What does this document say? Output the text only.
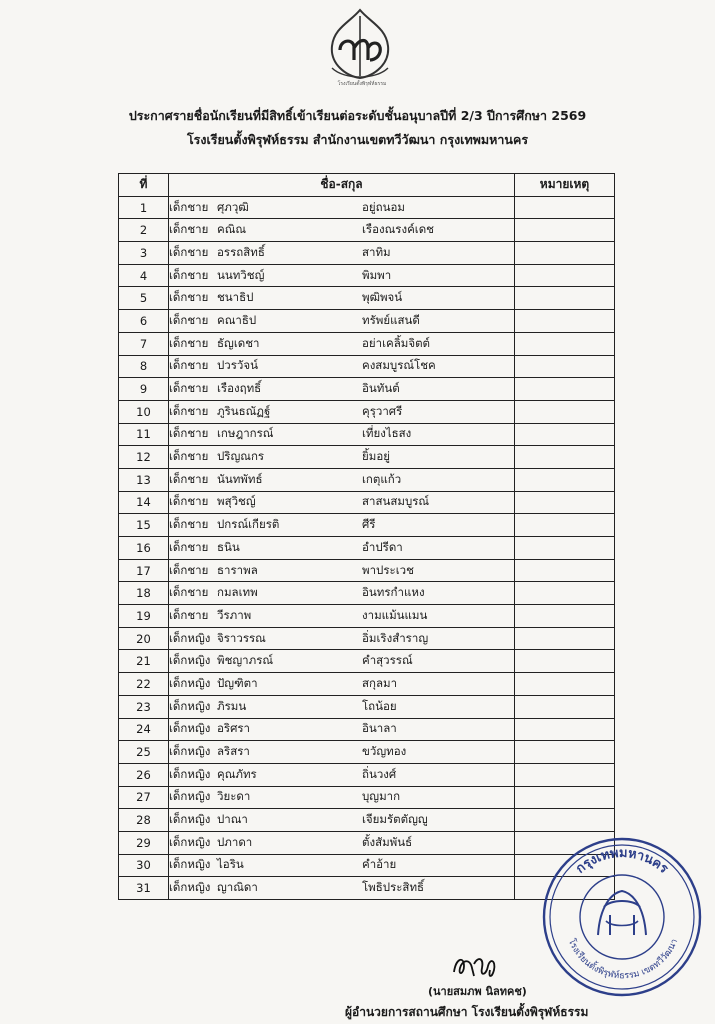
โรงเรียนตั้งพิรุฬห์ธรรม
ประกาศรายชื่อนักเรียนที่มีสิทธิ์เข้าเรียนต่อระดับชั้นอนุบาลปีที่ 2/3 ปีการศึกษา 2569
โรงเรียนตั้งพิรุฬห์ธรรม สำนักงานเขตทวีวัฒนา กรุงเทพมหานคร
ที่	ชื่อ-สกุล	หมายเหตุ
1	เด็กชาย ศุภวุฒิ อยู่ถนอม	
2	เด็กชาย คณิณ เรืองณรงค์เดช	
3	เด็กชาย อรรถสิทธิ์ สาทิม	
4	เด็กชาย นนทวิชญ์ พิมพา	
5	เด็กชาย ชนาธิป พุฒิพจน์	
6	เด็กชาย คณาธิป ทรัพย์แสนดี	
7	เด็กชาย ธัญเดชา อย่าเคลิ้มจิตต์	
8	เด็กชาย ปวรวัจน์ คงสมบูรณ์โชค	
9	เด็กชาย เรืองฤทธิ์ อินทันต์	
10	เด็กชาย ภูรินธณัฏฐ์ คุรุวาศรี	
11	เด็กชาย เกษฎากรณ์ เที่ยงไธสง	
12	เด็กชาย ปริญณกร ยิ้มอยู่	
13	เด็กชาย นันทพัทธ์ เกตุแก้ว	
14	เด็กชาย พสุวิชญ์ สาสนสมบูรณ์	
15	เด็กชาย ปกรณ์เกียรติ ศีรี	
16	เด็กชาย ธนิน อำปรีดา	
17	เด็กชาย ธาราพล พาประเวช	
18	เด็กชาย กมลเทพ อินทรกำแหง	
19	เด็กชาย วีรภาพ งามแม้นแมน	
20	เด็กหญิง จิราวรรณ อิ่มเริงสำราญ	
21	เด็กหญิง พิชญาภรณ์ คำสุวรรณ์	
22	เด็กหญิง ปัญฑิตา สกุลมา	
23	เด็กหญิง ภิรมน โถน้อย	
24	เด็กหญิง อริศรา อินาลา	
25	เด็กหญิง ลริสรา ขวัญทอง	
26	เด็กหญิง คุณภัทร ถิ่นวงศ์	
27	เด็กหญิง วิยะดา บุญมาก	
28	เด็กหญิง ปาณา เจียมรัตตัญญู	
29	เด็กหญิง ปภาดา ตั้งสัมพันธ์	
30	เด็กหญิง ไอริน คำอ้าย	
31	เด็กหญิง ญาณิดา โพธิประสิทธิ์	
กรุงเทพมหานคร
โรงเรียนตั้งพิรุฬห์ธรรม เขตทวีวัฒนา
(นายสมภพ นิลทคช)
ผู้อำนวยการสถานศึกษา โรงเรียนตั้งพิรุฬห์ธรรม
